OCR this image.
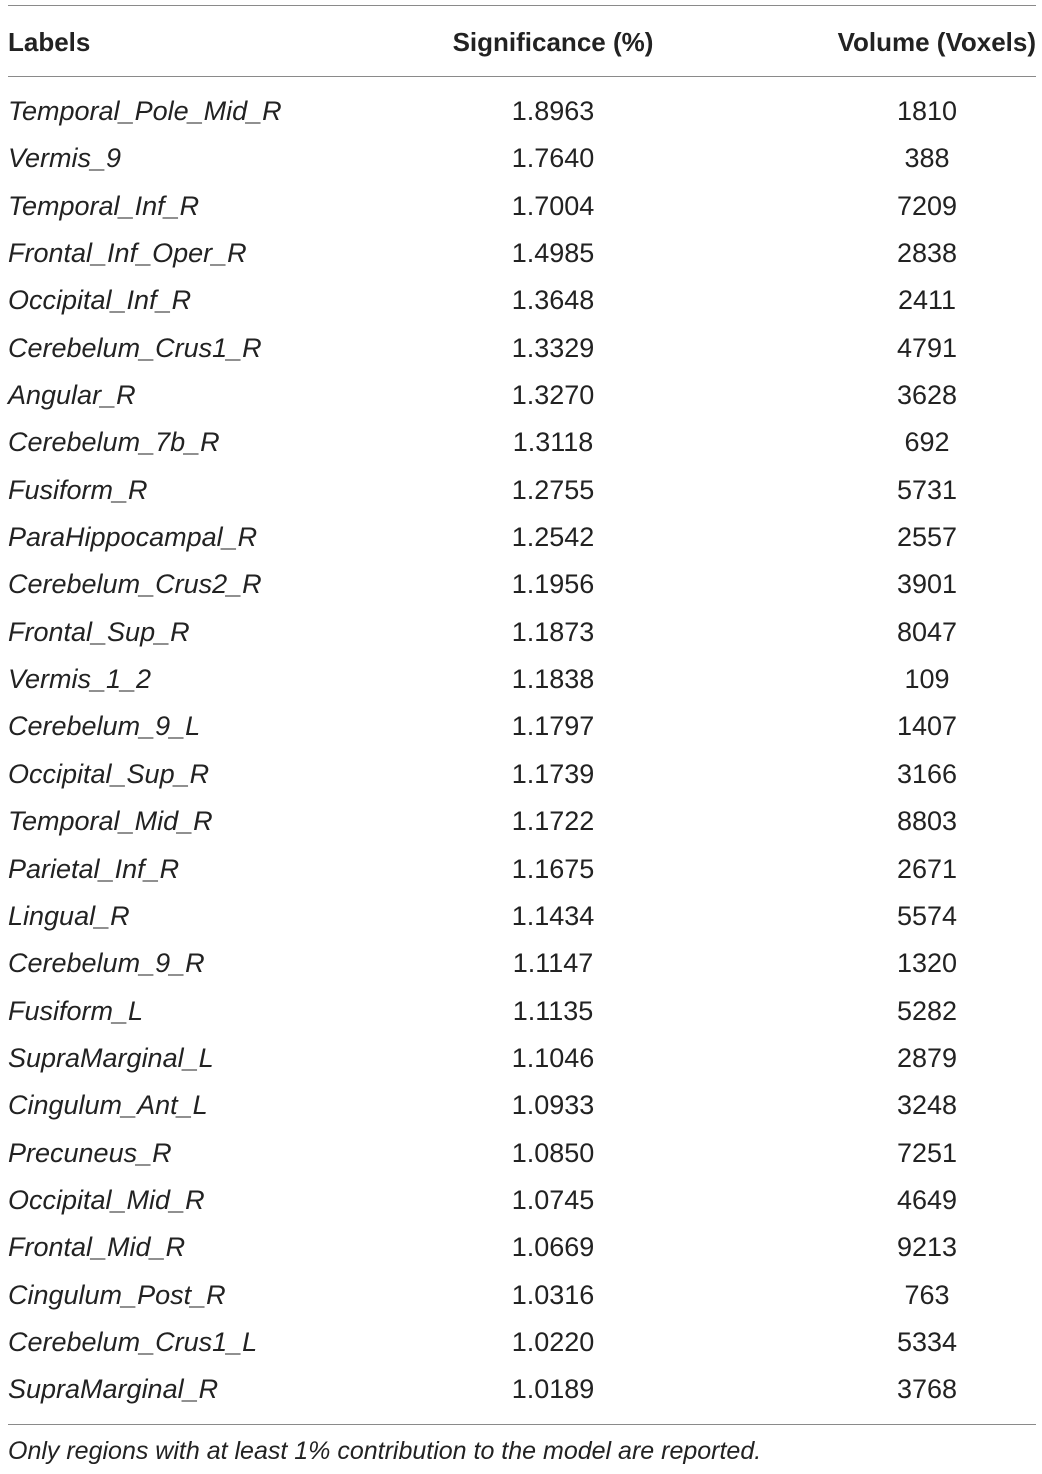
Labels	Significance (%)	Volume (Voxels)
Temporal_Pole_Mid_R	1.8963	1810
Vermis_9	1.7640	388
Temporal_Inf_R	1.7004	7209
Frontal_Inf_Oper_R	1.4985	2838
Occipital_Inf_R	1.3648	2411
Cerebelum_Crus1_R	1.3329	4791
Angular_R	1.3270	3628
Cerebelum_7b_R	1.3118	692
Fusiform_R	1.2755	5731
ParaHippocampal_R	1.2542	2557
Cerebelum_Crus2_R	1.1956	3901
Frontal_Sup_R	1.1873	8047
Vermis_1_2	1.1838	109
Cerebelum_9_L	1.1797	1407
Occipital_Sup_R	1.1739	3166
Temporal_Mid_R	1.1722	8803
Parietal_Inf_R	1.1675	2671
Lingual_R	1.1434	5574
Cerebelum_9_R	1.1147	1320
Fusiform_L	1.1135	5282
SupraMarginal_L	1.1046	2879
Cingulum_Ant_L	1.0933	3248
Precuneus_R	1.0850	7251
Occipital_Mid_R	1.0745	4649
Frontal_Mid_R	1.0669	9213
Cingulum_Post_R	1.0316	763
Cerebelum_Crus1_L	1.0220	5334
SupraMarginal_R	1.0189	3768
Only regions with at least 1% contribution to the model are reported.
